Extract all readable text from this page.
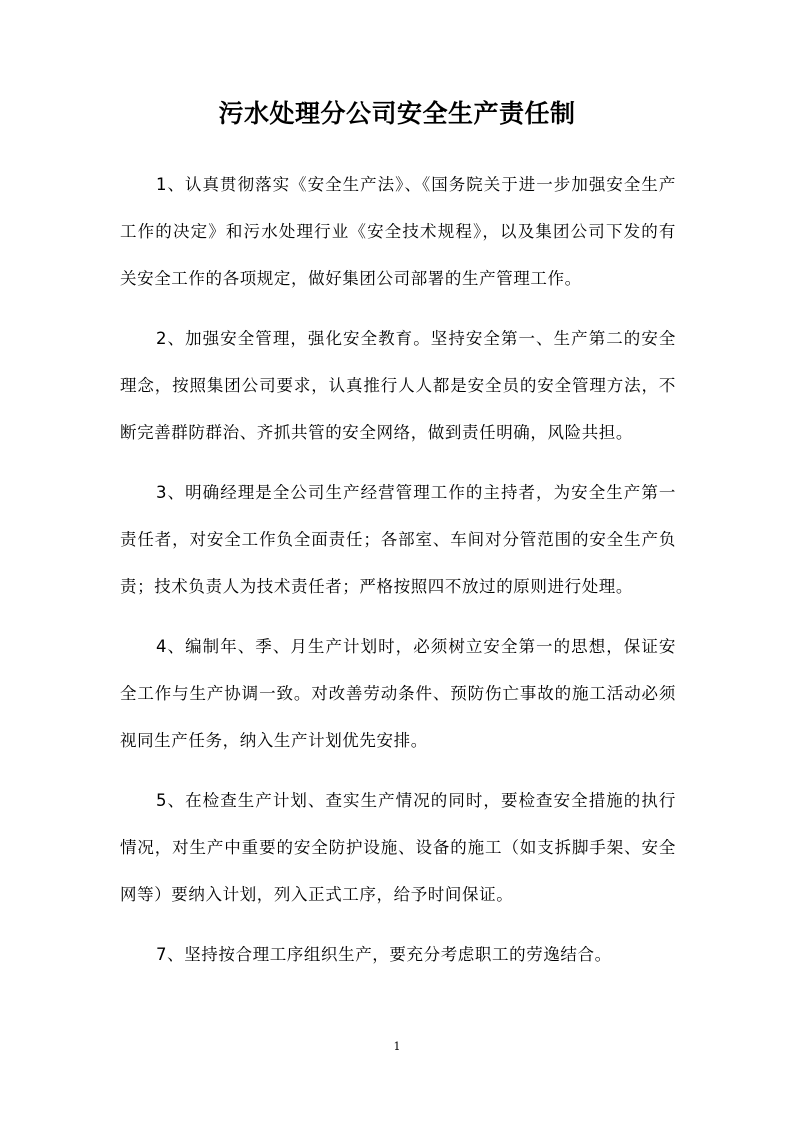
污水处理分公司安全生产责任制

1、认真贯彻落实《安全生产法》、《国务院关于进一步加强安全生产工作的决定》和污水处理行业《安全技术规程》，以及集团公司下发的有关安全工作的各项规定，做好集团公司部署的生产管理工作。

2、加强安全管理，强化安全教育。坚持安全第一、生产第二的安全理念，按照集团公司要求，认真推行人人都是安全员的安全管理方法，不断完善群防群治、齐抓共管的安全网络，做到责任明确，风险共担。

3、明确经理是全公司生产经营管理工作的主持者，为安全生产第一责任者，对安全工作负全面责任；各部室、车间对分管范围的安全生产负责；技术负责人为技术责任者；严格按照四不放过的原则进行处理。

4、编制年、季、月生产计划时，必须树立安全第一的思想，保证安全工作与生产协调一致。对改善劳动条件、预防伤亡事故的施工活动必须视同生产任务，纳入生产计划优先安排。

5、在检查生产计划、查实生产情况的同时，要检查安全措施的执行情况，对生产中重要的安全防护设施、设备的施工（如支拆脚手架、安全网等）要纳入计划，列入正式工序，给予时间保证。

7、坚持按合理工序组织生产，要充分考虑职工的劳逸结合。

1
